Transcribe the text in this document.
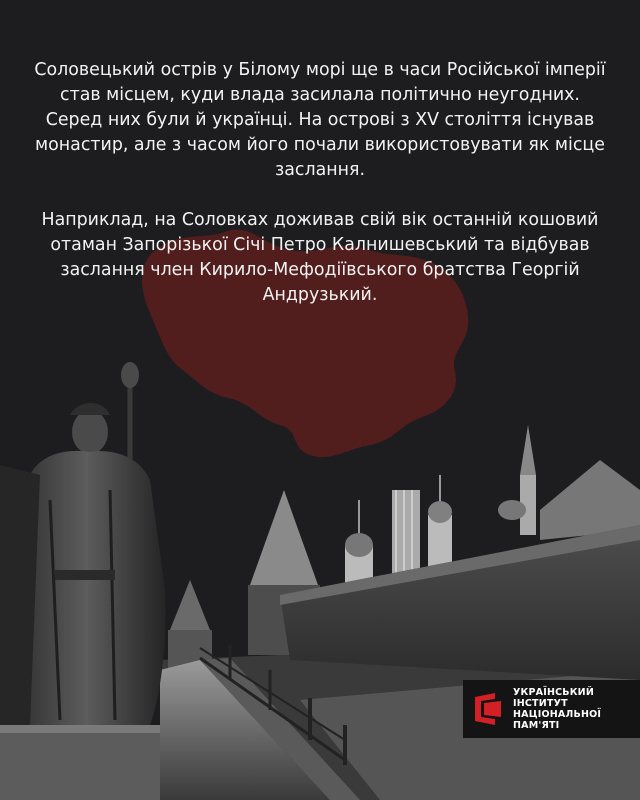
Соловецький острів у Білому морі ще в часи Російської імперії став місцем, куди влада засилала політично неугодних. Серед них були й українці. На острові з XV століття існував монастир, але з часом його почали використовувати як місце заслання.

Наприклад, на Соловках доживав свій вік останній кошовий отаман Запорізької Січі Петро Калнишевський та відбував заслання член Кирило-Мефодіївського братства Георгій Андрузький.

УКРАЇНСЬКИЙ
ІНСТИТУТ
НАЦІОНАЛЬНОЇ
ПАМ'ЯТІ
